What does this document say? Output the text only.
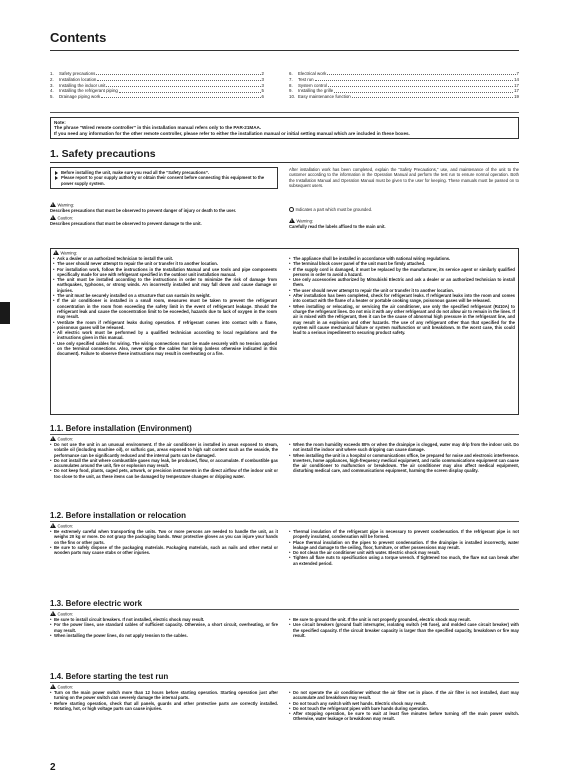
Contents
1.	Safety precautions	2
2.	Installation location	3
3.	Installing the indoor unit	3
4.	Installing the refrigerant piping	5
5.	Drainage piping work	6
6.	Electrical work	7
7.	Test run	14
8.	System control	17
9.	Installing the grille	17
10. Easy maintenance function	19
Note:
The phrase "Wired remote controller" in this installation manual refers only to the PAR-21MAA.
If you need any information for the other remote controller, please refer to either the installation manual or initial setting manual which are included in these boxes.
1. Safety precautions
Before installing the unit, make sure you read all the “Safety precautions”.
Please report to your supply authority or obtain their consent before connecting this equipment to the power supply system.
!Warning:
Describes precautions that must be observed to prevent danger of injury or death to the user.
!Caution:
Describes precautions that must be observed to prevent damage to the unit.
After installation work has been completed, explain the “Safety Precautions,” use, and maintenance of the unit to the customer according to the information in the Operation Manual and perform the test run to ensure normal operation. Both the Installation Manual and Operation Manual must be given to the user for keeping. These manuals must be passed on to subsequent users.
Indicates a part which must be grounded.
!Warning:
Carefully read the labels affixed to the main unit.
!Warning:
• Ask a dealer or an authorized technician to install the unit.
• The user should never attempt to repair the unit or transfer it to another location.
• For installation work, follow the instructions in the Installation Manual and use tools and pipe components specifically made for use with refrigerant specified in the outdoor unit installation manual.
• The unit must be installed according to the instructions in order to minimize the risk of damage from earthquakes, typhoons, or strong winds. An incorrectly installed unit may fall down and cause damage or injuries.
• The unit must be securely installed on a structure that can sustain its weight.
• If the air conditioner is installed in a small room, measures must be taken to prevent the refrigerant concentration in the room from exceeding the safety limit in the event of refrigerant leakage. Should the refrigerant leak and cause the concentration limit to be exceeded, hazards due to lack of oxygen in the room may result.
• Ventilate the room if refrigerant leaks during operation. If refrigerant comes into contact with a flame, poisonous gases will be released.
• All electric work must be performed by a qualified technician according to local regulations and the instructions given in this manual.
• Use only specified cables for wiring. The wiring connections must be made securely with no tension applied on the terminal connections. Also, never splice the cables for wiring (unless otherwise indicated in this document). Failure to observe these instructions may result in overheating or a fire.
• The appliance shall be installed in accordance with national wiring regulations.
• The terminal block cover panel of the unit must be firmly attached.
• If the supply cord is damaged, it must be replaced by the manufacturer, its service agent or similarly qualified persons in order to avoid a hazard.
• Use only accessories authorized by Mitsubishi Electric and ask a dealer or an authorized technician to install them.
• The user should never attempt to repair the unit or transfer it to another location.
• After installation has been completed, check for refrigerant leaks. If refrigerant leaks into the room and comes into contact with the flame of a heater or portable cooking range, poisonous gases will be released.
• When installing or relocating, or servicing the air conditioner, use only the specified refrigerant (R410A) to charge the refrigerant lines. Do not mix it with any other refrigerant and do not allow air to remain in the lines. If air is mixed with the refrigerant, then it can be the cause of abnormal high pressure in the refrigerant line, and may result in an explosion and other hazards. The use of any refrigerant other than that specified for the system will cause mechanical failure or system malfunction or unit breakdown. In the worst case, this could lead to a serious impediment to securing product safety.
1.1. Before installation (Environment)
!Caution:
• Do not use the unit in an unusual environment. If the air conditioner is installed in areas exposed to steam, volatile oil (including machine oil), or sulfuric gas, areas exposed to high salt content such as the seaside, the performance can be significantly reduced and the internal parts can be damaged.
• Do not install the unit where combustible gases may leak, be produced, flow, or accumulate. If combustible gas accumulates around the unit, fire or explosion may result.
• Do not keep food, plants, caged pets, artwork, or precision instruments in the direct airflow of the indoor unit or too close to the unit, as these items can be damaged by temperature changes or dripping water.
• When the room humidity exceeds 80% or when the drainpipe is clogged, water may drip from the indoor unit. Do not install the indoor unit where such dripping can cause damage.
• When installing the unit in a hospital or communications office, be prepared for noise and electronic interference. Inverters, home appliances, high-frequency medical equipment, and radio communications equipment can cause the air conditioner to malfunction or breakdown. The air conditioner may also affect medical equipment, disturbing medical care, and communications equipment, harming the screen display quality.
1.2. Before installation or relocation
!Caution:
• Be extremely careful when transporting the units. Two or more persons are needed to handle the unit, as it weighs 20 kg or more. Do not grasp the packaging bands. Wear protective gloves as you can injure your hands on the fins or other parts.
• Be sure to safely dispose of the packaging materials. Packaging materials, such as nails and other metal or wooden parts may cause stabs or other injuries.
• Thermal insulation of the refrigerant pipe is necessary to prevent condensation. If the refrigerant pipe is not properly insulated, condensation will be formed.
• Place thermal insulation on the pipes to prevent condensation. If the drainpipe is installed incorrectly, water leakage and damage to the ceiling, floor, furniture, or other possessions may result.
• Do not clean the air conditioner unit with water. Electric shock may result.
• Tighten all flare nuts to specification using a torque wrench. If tightened too much, the flare nut can break after an extended period.
1.3. Before electric work
!Caution:
• Be sure to install circuit breakers. If not installed, electric shock may result.
• For the power lines, use standard cables of sufficient capacity. Otherwise, a short circuit, overheating, or fire may result.
• When installing the power lines, do not apply tension to the cables.
• Be sure to ground the unit. If the unit is not properly grounded, electric shock may result.
• Use circuit breakers (ground fault interrupter, isolating switch (+B fuse), and molded case circuit breaker) with the specified capacity. If the circuit breaker capacity is larger than the specified capacity, breakdown or fire may result.
1.4. Before starting the test run
!Caution:
• Turn on the main power switch more than 12 hours before starting operation. Starting operation just after turning on the power switch can severely damage the internal parts.
• Before starting operation, check that all panels, guards and other protective parts are correctly installed. Rotating, hot, or high voltage parts can cause injuries.
• Do not operate the air conditioner without the air filter set in place. If the air filter is not installed, dust may accumulate and breakdown may result.
• Do not touch any switch with wet hands. Electric shock may result.
• Do not touch the refrigerant pipes with bare hands during operation.
• After stopping operation, be sure to wait at least five minutes before turning off the main power switch. Otherwise, water leakage or breakdown may result.
2
